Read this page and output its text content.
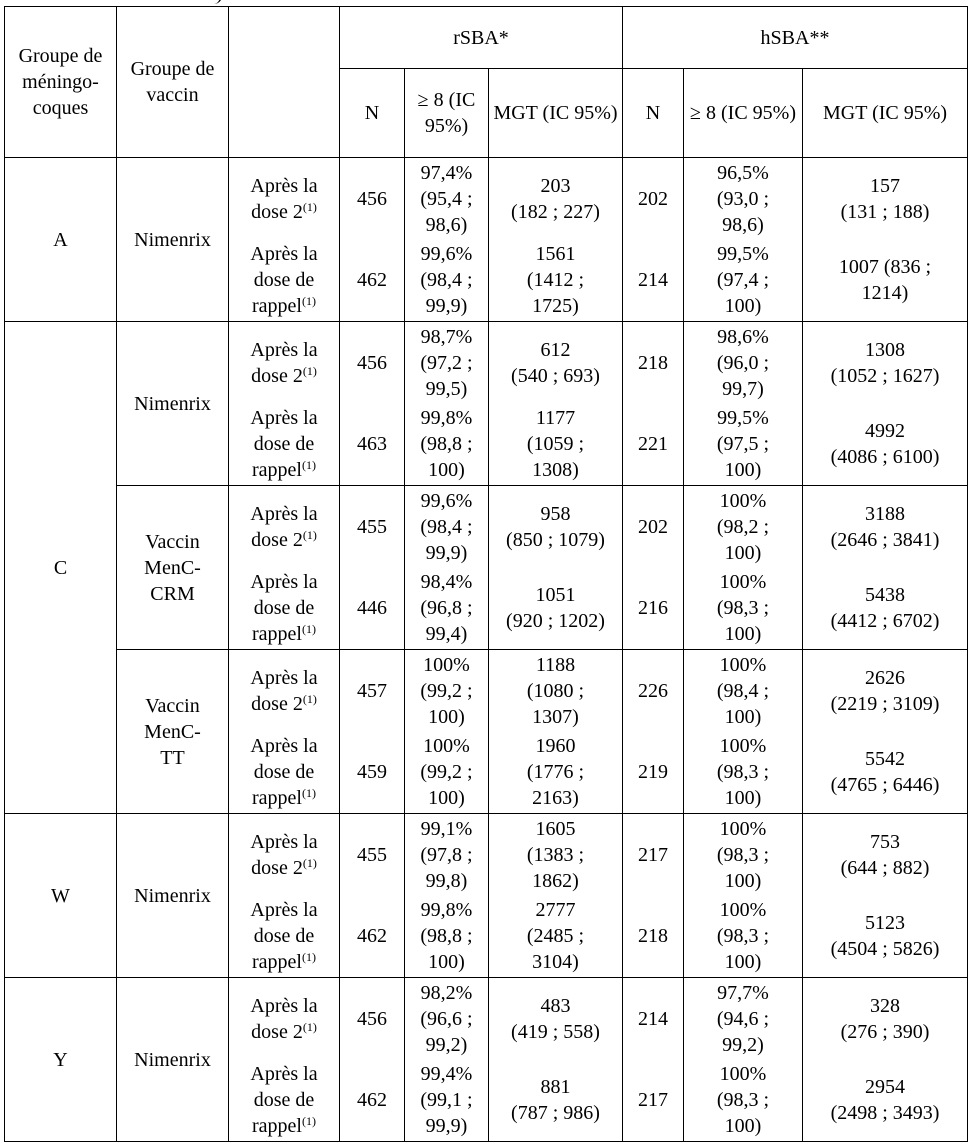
Groupe de méningo- coques	Groupe de vaccin		rSBA*			hSBA**		
			N	≥ 8 (IC 95%)	MGT (IC 95%)	N	≥ 8 (IC 95%)	MGT (IC 95%)
A	Nimenrix	Après la
dose 2$^{(1)}$	456	97,4%
(95,4 ;
98,6)	203
(182 ; 227)	202	96,5%
(93,0 ;
98,6)	157
(131 ; 188)

		Après la
dose de
rappel$^{(1)}$	462	99,6%
(98,4 ;
99,9)	1561
(1412 ;
1725)	214	99,5%
(97,4 ;
100)	1007 (836 ;
1214)

C	Nimenrix	Après la
dose 2$^{(1)}$	456	98,7%
(97,2 ;
99,5)	612
(540 ; 693)	218	98,6%
(96,0 ;
99,7)	1308
(1052 ; 1627)

		Après la
dose de
rappel$^{(1)}$	463	99,8%
(98,8 ;
100)	1177
(1059 ;
1308)	221	99,5%
(97,5 ;
100)	4992
(4086 ; 6100)

	Vaccin
MenC-
CRM	Après la
dose 2$^{(1)}$	455	99,6%
(98,4 ;
99,9)	958
(850 ; 1079)	202	100%
(98,2 ;
100)	3188
(2646 ; 3841)

		Après la
dose de
rappel$^{(1)}$	446	98,4%
(96,8 ;
99,4)	1051
(920 ; 1202)	216	100%
(98,3 ;
100)	5438
(4412 ; 6702)

	Vaccin
MenC-
TT	Après la
dose 2$^{(1)}$	457	100%
(99,2 ;
100)	1188
(1080 ;
1307)	226	100%
(98,4 ;
100)	2626
(2219 ; 3109)

		Après la
dose de
rappel$^{(1)}$	459	100%
(99,2 ;
100)	1960
(1776 ;
2163)	219	100%
(98,3 ;
100)	5542
(4765 ; 6446)

W	Nimenrix	Après la
dose 2$^{(1)}$	455	99,1%
(97,8 ;
99,8)	1605
(1383 ;
1862)	217	100%
(98,3 ;
100)	753
(644 ; 882)

		Après la
dose de
rappel$^{(1)}$	462	99,8%
(98,8 ;
100)	2777
(2485 ;
3104)	218	100%
(98,3 ;
100)	5123
(4504 ; 5826)

Y	Nimenrix	Après la
dose 2$^{(1)}$	456	98,2%
(96,6 ;
99,2)	483
(419 ; 558)	214	97,7%
(94,6 ;
99,2)	328
(276 ; 390)

		Après la
dose de
rappel$^{(1)}$	462	99,4%
(99,1 ;
99,9)	881
(787 ; 986)	217	100%
(98,3 ;
100)	2954
(2498 ; 3493)
